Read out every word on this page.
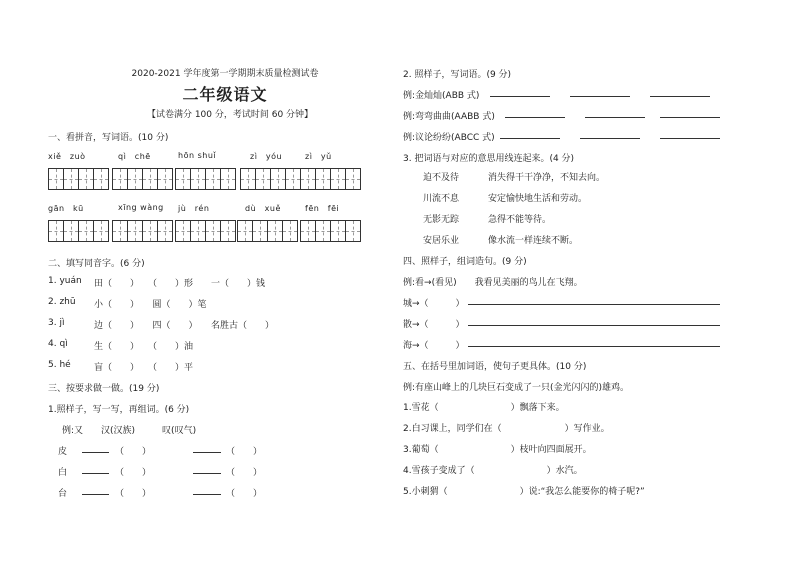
2020-2021 学年度第一学期期末质量检测试卷
二年级语文
【试卷满分 100 分，考试时间 60 分钟】
一、看拼音，写词语。(10 分)
xiě　zuò	qì　chē	hōn shuǐ	zì　yóu	zì　yǔ
gān　kū	xīng wàng jù　rén	dù　xuě	fēn　fēi
二、填写同音字。(6 分)
1. yuán 田（　　）　　（　　）形　　一（　　）钱
2. zhū 小（　　）　　圆（　　）笔
3. jì	边（　　）　　四（　　）　　名胜古（　　）
4. qì	生（　　）　　（　　）油
5. hé	盲（　　）　　（　　）平
三、按要求做一做。(19 分)
1.照样子，写一写，再组词。(6 分)
例:又　　汉(汉族)　　　叹(叹气)
皮	（　　）	（　　）
白	（　　）	（　　）
台	（　　）	（　　）
2. 照样子，写词语。(9 分)
例:金灿灿(ABB 式)
例:弯弯曲曲(AABB 式)
例:议论纷纷(ABCC 式)
3. 把词语与对应的意思用线连起来。(4 分)
迫不及待	消失得干干净净，不知去向。
川流不息	安定愉快地生活和劳动。
无影无踪	急得不能等待。
安居乐业	像水流一样连续不断。
四、照样子，组词造句。(9 分)
例:看→(看见)　　我看见美丽的鸟儿在飞翔。
城→（　　　）
散→（　　　）
海→（　　　）
五、在括号里加词语，使句子更具体。(10 分)
例:有座山峰上的几块巨石变成了一只(金光闪闪的)雄鸡。
1.雪花（　　　　　　　　）飘落下来。
2.白习课上，同学们在（　　　　　　　）写作业。
3.葡萄（　　　　　　　　）枝叶向四面展开。
4.雪孩子变成了（　　　　　　　　）水汽。
5.小刺猬（　　　　　　　　）说:“我怎么能要你的椅子呢?”
